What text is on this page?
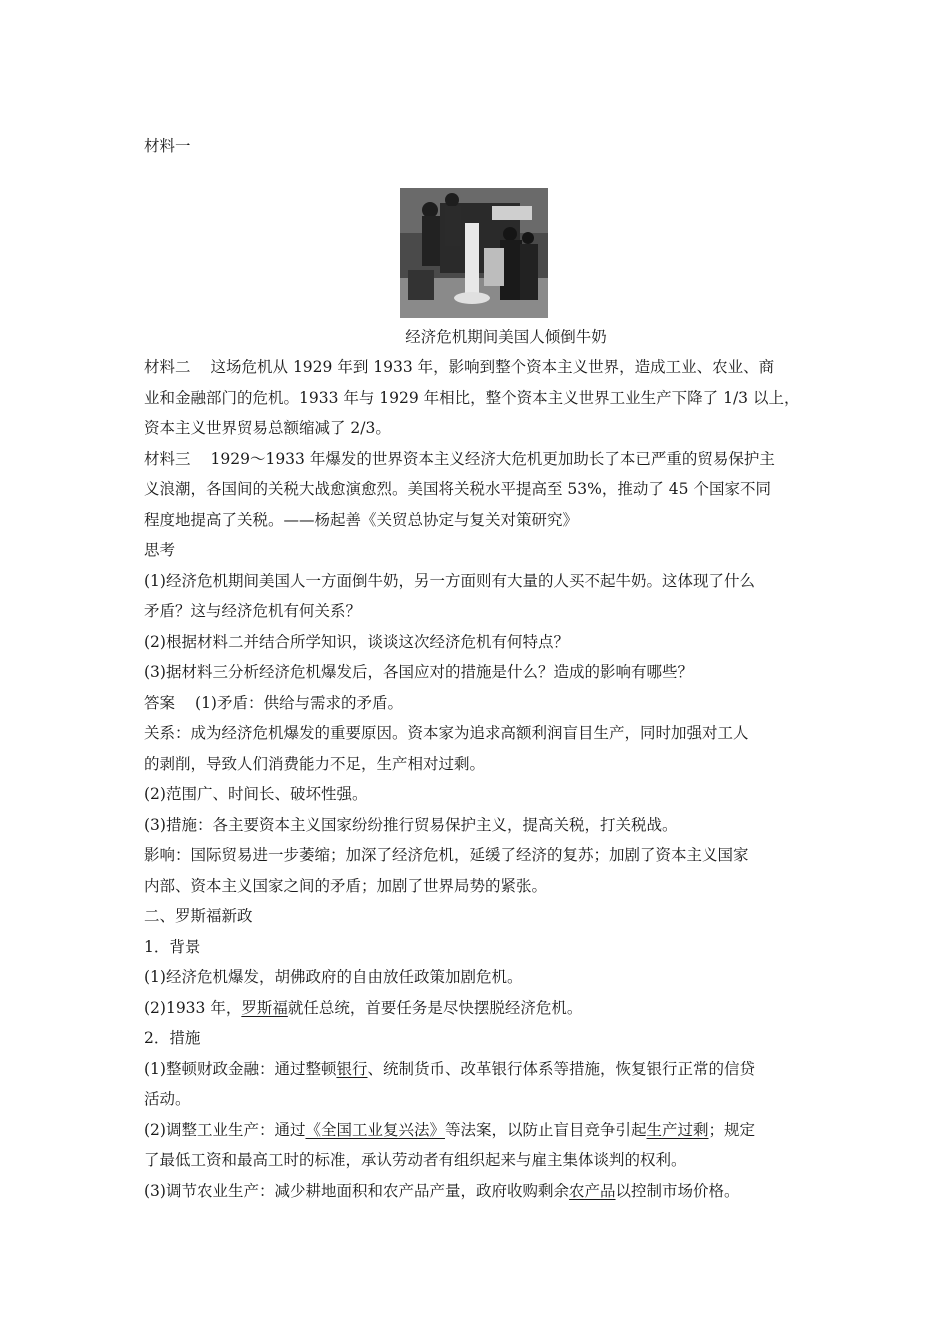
材料一
经济危机期间美国人倾倒牛奶
材料二 这场危机从 1929 年到 1933 年，影响到整个资本主义世界，造成工业、农业、商
业和金融部门的危机。1933 年与 1929 年相比，整个资本主义世界工业生产下降了 1/3 以上，
资本主义世界贸易总额缩减了 2/3。
材料三 1929～1933 年爆发的世界资本主义经济大危机更加助长了本已严重的贸易保护主
义浪潮，各国间的关税大战愈演愈烈。美国将关税水平提高至 53%，推动了 45 个国家不同
程度地提高了关税。——杨起善《关贸总协定与复关对策研究》
思考
(1)经济危机期间美国人一方面倒牛奶，另一方面则有大量的人买不起牛奶。这体现了什么
矛盾？这与经济危机有何关系？
(2)根据材料二并结合所学知识，谈谈这次经济危机有何特点？
(3)据材料三分析经济危机爆发后，各国应对的措施是什么？造成的影响有哪些？
答案 (1)矛盾：供给与需求的矛盾。
关系：成为经济危机爆发的重要原因。资本家为追求高额利润盲目生产，同时加强对工人
的剥削，导致人们消费能力不足，生产相对过剩。
(2)范围广、时间长、破坏性强。
(3)措施：各主要资本主义国家纷纷推行贸易保护主义，提高关税，打关税战。
影响：国际贸易进一步萎缩；加深了经济危机，延缓了经济的复苏；加剧了资本主义国家
内部、资本主义国家之间的矛盾；加剧了世界局势的紧张。
二、罗斯福新政
1．背景
(1)经济危机爆发，胡佛政府的自由放任政策加剧危机。
(2)1933 年，罗斯福就任总统，首要任务是尽快摆脱经济危机。
2．措施
(1)整顿财政金融：通过整顿银行、统制货币、改革银行体系等措施，恢复银行正常的信贷
活动。
(2)调整工业生产：通过《全国工业复兴法》等法案，以防止盲目竞争引起生产过剩；规定
了最低工资和最高工时的标准，承认劳动者有组织起来与雇主集体谈判的权利。
(3)调节农业生产：减少耕地面积和农产品产量，政府收购剩余农产品以控制市场价格。
